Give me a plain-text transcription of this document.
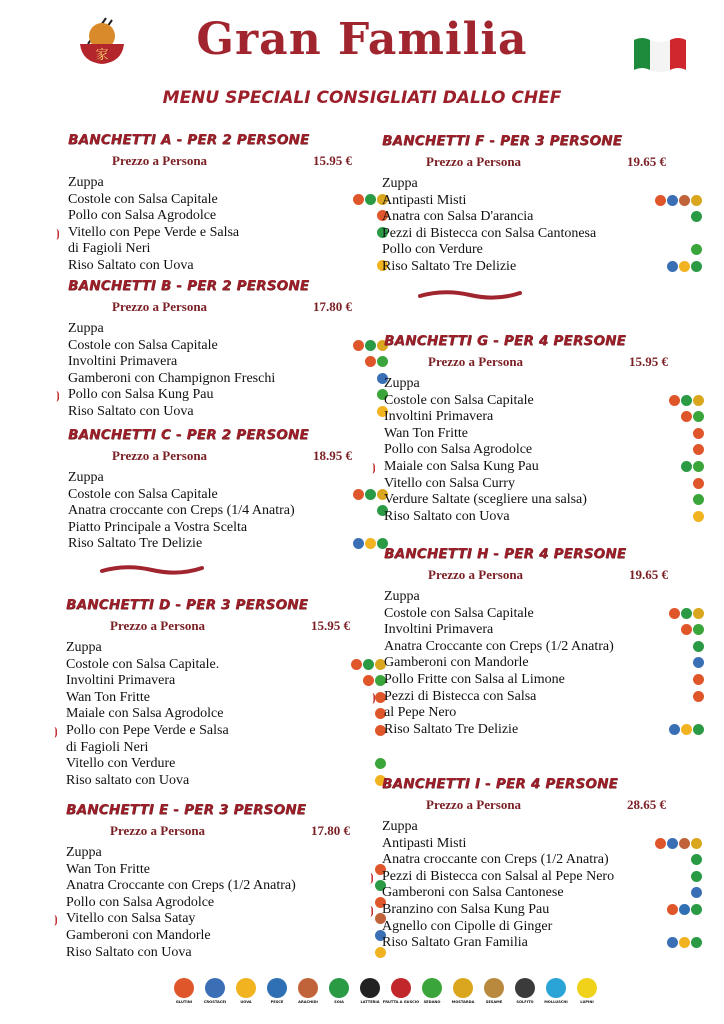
家	Gran Familia
MENU SPECIALI CONSIGLIATI DALLO CHEF
BANCHETTI A - PER 2 PERSONE
Prezzo a Persona	15.95 €
Zuppa
Costole con Salsa Capitale
Pollo con Salsa Agrodolce
⦘ Vitello con Pepe Verde e Salsa
di Fagioli Neri
Riso Saltato con Uova
BANCHETTI B - PER 2 PERSONE
Prezzo a Persona	17.80 €
Zuppa
Costole con Salsa Capitale
Involtini Primavera
Gamberoni con Champignon Freschi
⦘ Pollo con Salsa Kung Pau
Riso Saltato con Uova
BANCHETTI C - PER 2 PERSONE
Prezzo a Persona	18.95 €
Zuppa
Costole con Salsa Capitale
Anatra croccante con Creps (1/4 Anatra)
Piatto Principale a Vostra Scelta
Riso Saltato Tre Delizie
BANCHETTI D - PER 3 PERSONE
Prezzo a Persona	15.95 €
Zuppa
Costole con Salsa Capitale.
Involtini Primavera
Wan Ton Fritte
Maiale con Salsa Agrodolce
⦘ Pollo con Pepe Verde e Salsa
di Fagioli Neri
Vitello con Verdure
Riso saltato con Uova
BANCHETTI E - PER 3 PERSONE
Prezzo a Persona	17.80 €
Zuppa
Wan Ton Fritte
Anatra Croccante con Creps (1/2 Anatra)
Pollo con Salsa Agrodolce
⦘ Vitello con Salsa Satay
Gamberoni con Mandorle
Riso Saltato con Uova
BANCHETTI F - PER 3 PERSONE
Prezzo a Persona	19.65 €
Zuppa
Antipasti Misti
Anatra con Salsa D'arancia
Pezzi di Bistecca con Salsa Cantonesa
Pollo con Verdure
Riso Saltato Tre Delizie
BANCHETTI G - PER 4 PERSONE
Prezzo a Persona	15.95 €
Zuppa
Costole con Salsa Capitale
Involtini Primavera
Wan Ton Fritte
Pollo con Salsa Agrodolce
⦘ Maiale con Salsa Kung Pau
Vitello con Salsa Curry
Verdure Saltate (scegliere una salsa)
Riso Saltato con Uova
BANCHETTI H - PER 4 PERSONE
Prezzo a Persona	19.65 €
Zuppa
Costole con Salsa Capitale
Involtini Primavera
Anatra Croccante con Creps (1/2 Anatra)
Gamberoni con Mandorle
Pollo Fritte con Salsa al Limone
⦘ Pezzi di Bistecca con Salsa
al Pepe Nero
Riso Saltato Tre Delizie
BANCHETTI I - PER 4 PERSONE
Prezzo a Persona	28.65 €
Zuppa
Antipasti Misti
Anatra croccante con Creps (1/2 Anatra)
⦘ Pezzi di Bistecca con Salsal al Pepe Nero
Gamberoni con Salsa Cantonese
⦘ Branzino con Salsa Kung Pau
Agnello con Cipolle di Ginger
Riso Saltato Gran Familia
GLUTINI	CROSTACEI	UOVA	PESCE	ARACHIDI	SOIA	LATTERIA FRUTTA A GUSCIO SEDANO	MOSTARDA	SESAME	SOLFITO	MOLLUSCHI	LUPINI
